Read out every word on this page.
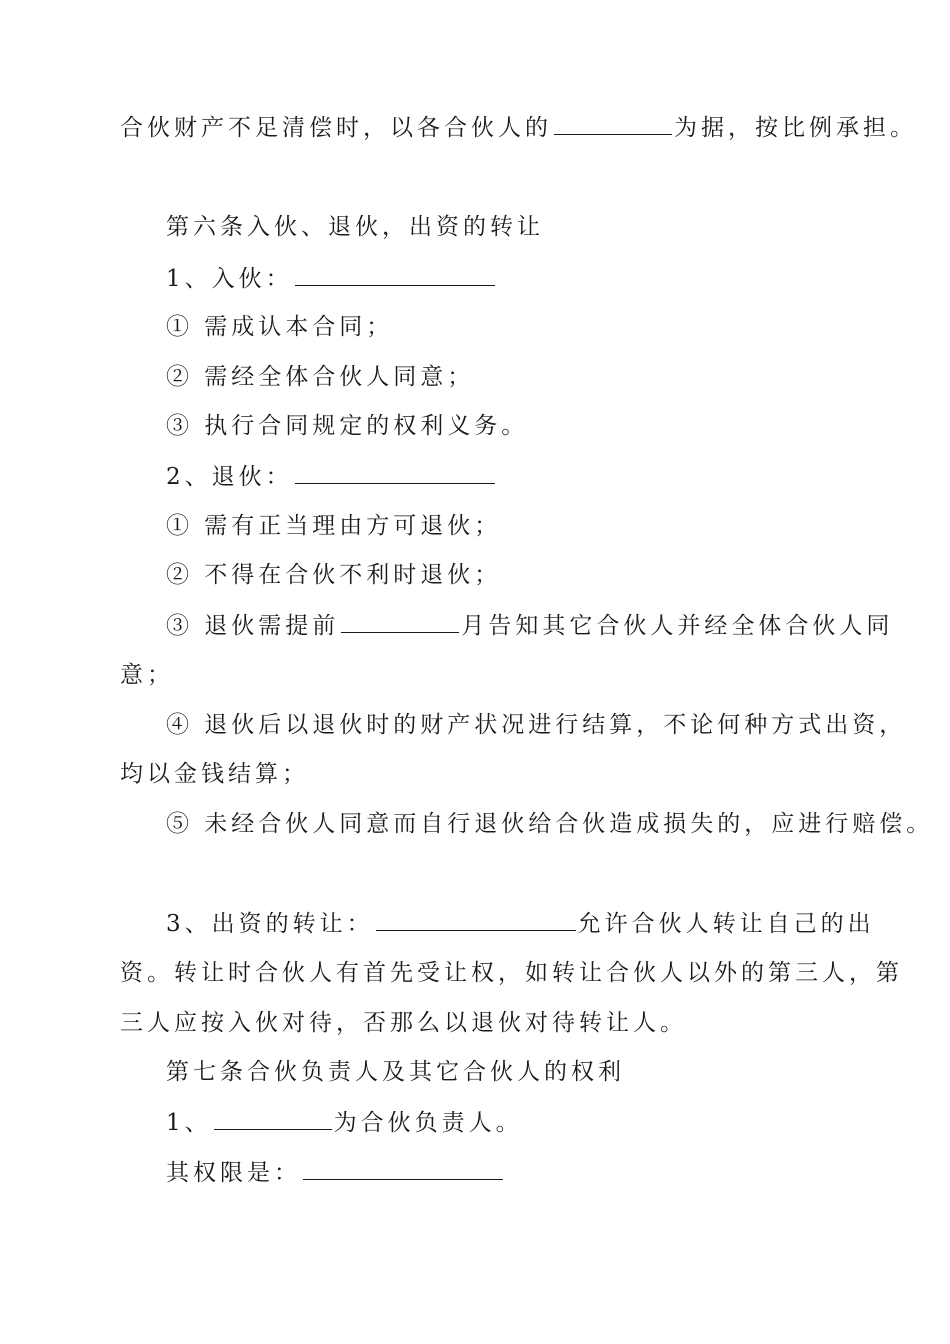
合伙财产不足清偿时，以各合伙人的	为据，按比例承担。
第六条入伙、退伙，出资的转让
1、入伙：
① 需成认本合同；
② 需经全体合伙人同意；
③ 执行合同规定的权利义务。
2、退伙：
① 需有正当理由方可退伙；
② 不得在合伙不利时退伙；
③ 退伙需提前	月告知其它合伙人并经全体合伙人同
意；
④ 退伙后以退伙时的财产状况进行结算，不论何种方式出资，
均以金钱结算；
⑤ 未经合伙人同意而自行退伙给合伙造成损失的，应进行赔偿。
3、出资的转让：	允许合伙人转让自己的出
资。转让时合伙人有首先受让权，如转让合伙人以外的第三人，第
三人应按入伙对待，否那么以退伙对待转让人。
第七条合伙负责人及其它合伙人的权利
1、	为合伙负责人。
其权限是：
